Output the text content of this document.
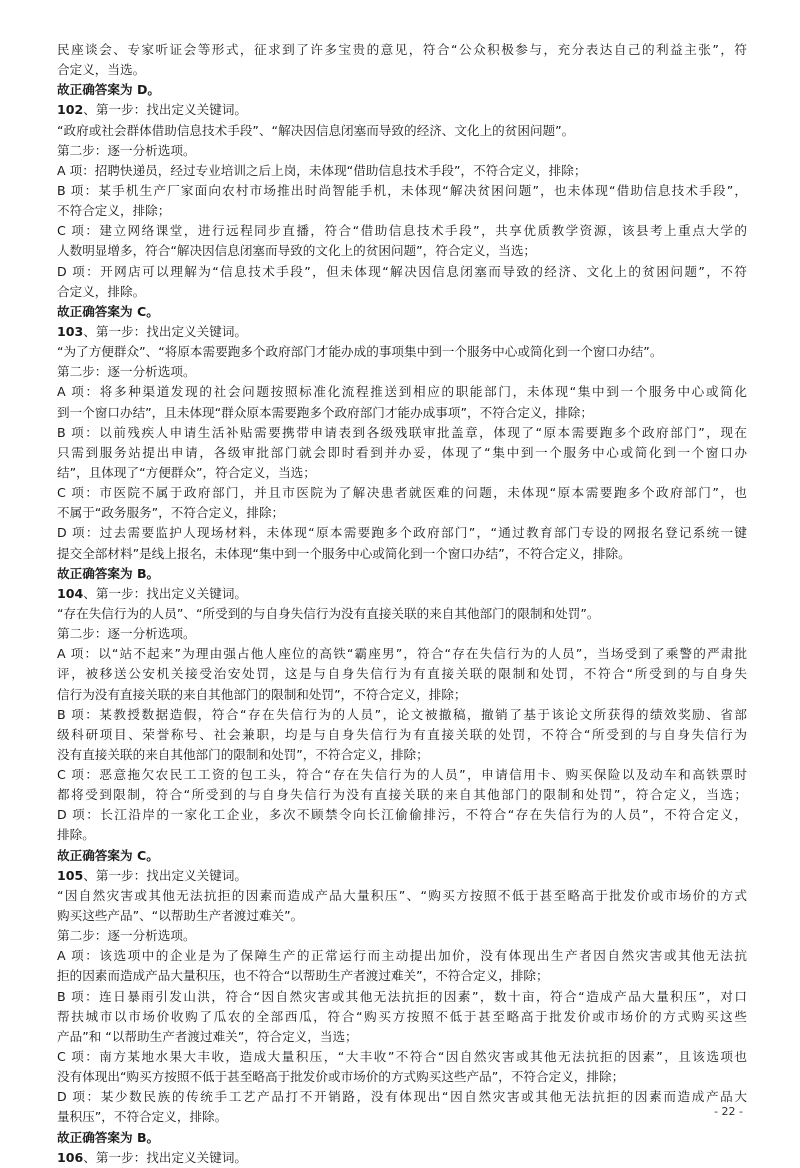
民座谈会、专家听证会等形式，征求到了许多宝贵的意见，符合“公众积极参与，充分表达自己的利益主张”，符
合定义，当选。
故正确答案为 D。
102、第一步：找出定义关键词。
“政府或社会群体借助信息技术手段”、“解决因信息闭塞而导致的经济、文化上的贫困问题”。
第二步：逐一分析选项。
A 项：招聘快递员，经过专业培训之后上岗，未体现“借助信息技术手段”，不符合定义，排除；
B 项：某手机生产厂家面向农村市场推出时尚智能手机，未体现“解决贫困问题”，也未体现“借助信息技术手段”，
不符合定义，排除；
C 项：建立网络课堂，进行远程同步直播，符合“借助信息技术手段”，共享优质教学资源，该县考上重点大学的
人数明显增多，符合“解决因信息闭塞而导致的文化上的贫困问题”，符合定义，当选；
D 项：开网店可以理解为“信息技术手段”，但未体现“解决因信息闭塞而导致的经济、文化上的贫困问题”，不符
合定义，排除。
故正确答案为 C。
103、第一步：找出定义关键词。
“为了方便群众”、“将原本需要跑多个政府部门才能办成的事项集中到一个服务中心或简化到一个窗口办结”。
第二步：逐一分析选项。
A 项：将多种渠道发现的社会问题按照标准化流程推送到相应的职能部门，未体现“集中到一个服务中心或简化
到一个窗口办结”，且未体现“群众原本需要跑多个政府部门才能办成事项”，不符合定义，排除；
B 项：以前残疾人申请生活补贴需要携带申请表到各级残联审批盖章，体现了“原本需要跑多个政府部门”，现在
只需到服务站提出申请，各级审批部门就会即时看到并办妥，体现了“集中到一个服务中心或简化到一个窗口办
结”，且体现了“方便群众”，符合定义，当选；
C 项：市医院不属于政府部门，并且市医院为了解决患者就医难的问题，未体现“原本需要跑多个政府部门”，也
不属于“政务服务”，不符合定义，排除；
D 项：过去需要监护人现场材料，未体现“原本需要跑多个政府部门”，“通过教育部门专设的网报名登记系统一键
提交全部材料”是线上报名，未体现“集中到一个服务中心或简化到一个窗口办结”，不符合定义，排除。
故正确答案为 B。
104、第一步：找出定义关键词。
“存在失信行为的人员”、“所受到的与自身失信行为没有直接关联的来自其他部门的限制和处罚”。
第二步：逐一分析选项。
A 项：以“站不起来”为理由强占他人座位的高铁“霸座男”，符合“存在失信行为的人员”，当场受到了乘警的严肃批
评，被移送公安机关接受治安处罚，这是与自身失信行为有直接关联的限制和处罚，不符合“所受到的与自身失
信行为没有直接关联的来自其他部门的限制和处罚”，不符合定义，排除；
B 项：某教授数据造假，符合“存在失信行为的人员”，论文被撤稿，撤销了基于该论文所获得的绩效奖励、省部
级科研项目、荣誉称号、社会兼职，均是与自身失信行为有直接关联的处罚，不符合“所受到的与自身失信行为
没有直接关联的来自其他部门的限制和处罚”，不符合定义，排除；
C 项：恶意拖欠农民工工资的包工头，符合“存在失信行为的人员”，申请信用卡、购买保险以及动车和高铁票时
都将受到限制，符合“所受到的与自身失信行为没有直接关联的来自其他部门的限制和处罚”，符合定义，当选；
D 项：长江沿岸的一家化工企业，多次不顾禁令向长江偷偷排污，不符合“存在失信行为的人员”，不符合定义，
排除。
故正确答案为 C。
105、第一步：找出定义关键词。
“因自然灾害或其他无法抗拒的因素而造成产品大量积压”、“购买方按照不低于甚至略高于批发价或市场价的方式
购买这些产品”、“以帮助生产者渡过难关”。
第二步：逐一分析选项。
A 项：该选项中的企业是为了保障生产的正常运行而主动提出加价，没有体现出生产者因自然灾害或其他无法抗
拒的因素而造成产品大量积压，也不符合“以帮助生产者渡过难关”，不符合定义，排除；
B 项：连日暴雨引发山洪，符合“因自然灾害或其他无法抗拒的因素”，数十亩，符合“造成产品大量积压”，对口
帮扶城市以市场价收购了瓜农的全部西瓜，符合“购买方按照不低于甚至略高于批发价或市场价的方式购买这些
产品”和 “以帮助生产者渡过难关”，符合定义，当选；
C 项：南方某地水果大丰收，造成大量积压，“大丰收”不符合“因自然灾害或其他无法抗拒的因素”，且该选项也
没有体现出“购买方按照不低于甚至略高于批发价或市场价的方式购买这些产品”，不符合定义，排除；
D 项：某少数民族的传统手工艺产品打不开销路，没有体现出“因自然灾害或其他无法抗拒的因素而造成产品大
量积压”，不符合定义，排除。
故正确答案为 B。
106、第一步：找出定义关键词。
- 22 -
